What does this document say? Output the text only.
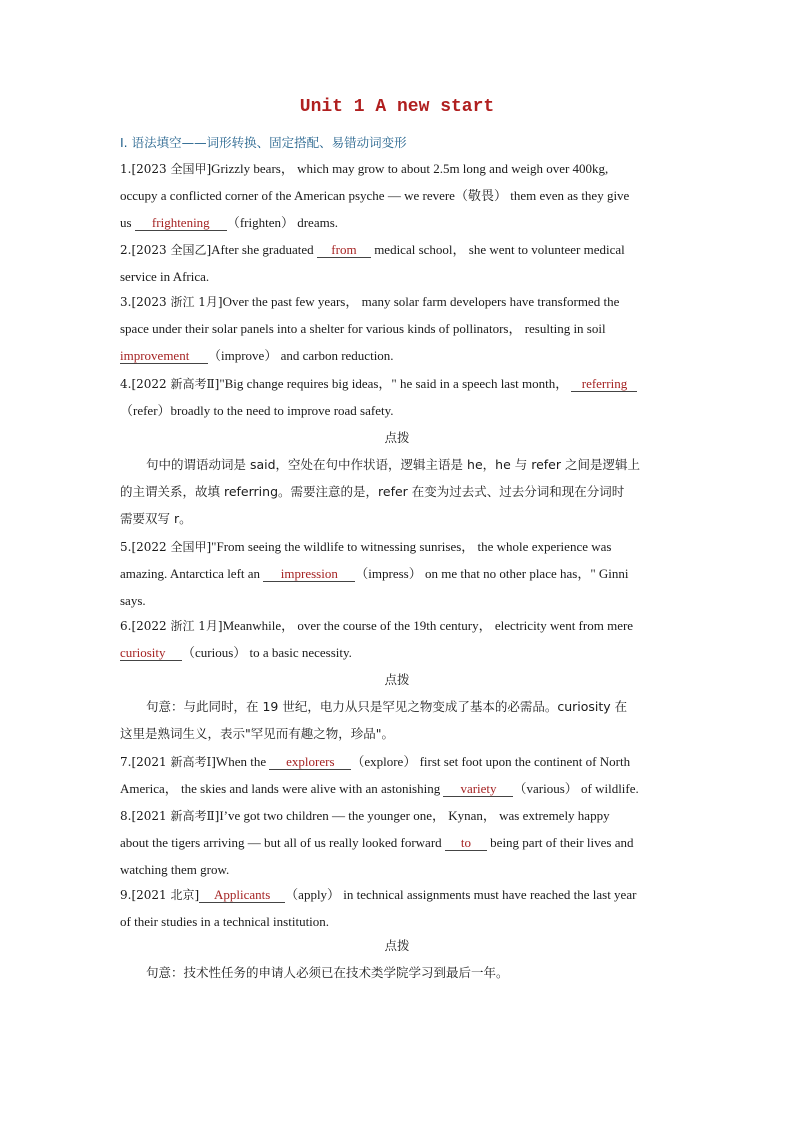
Unit 1 A new start
Ⅰ. 语法填空——词形转换、固定搭配、易错动词变形
1.[2023 全国甲]Grizzly bears， which may grow to about 2.5m long and weigh over 400kg,
occupy a conflicted corner of the American psyche — we revere（敬畏） them even as they give
us frightening （frighten） dreams.
2.[2023 全国乙]After she graduated from medical school， she went to volunteer medical
service in Africa.
3.[2023 浙江 1月]Over the past few years， many solar farm developers have transformed the
space under their solar panels into a shelter for various kinds of pollinators， resulting in soil
improvement （improve） and carbon reduction.
4.[2022 新高考Ⅱ]"Big change requires big ideas，" he said in a speech last month， referring
（refer）broadly to the need to improve road safety.
点拨
句中的谓语动词是 said，空处在句中作状语，逻辑主语是 he，he 与 refer 之间是逻辑上
的主谓关系，故填 referring。需要注意的是，refer 在变为过去式、过去分词和现在分词时
需要双写 r。
5.[2022 全国甲]"From seeing the wildlife to witnessing sunrises， the whole experience was
amazing. Antarctica left an impression （impress） on me that no other place has，" Ginni
says.
6.[2022 浙江 1月]Meanwhile， over the course of the 19th century， electricity went from mere
curiosity （curious） to a basic necessity.
点拨
句意：与此同时，在 19 世纪，电力从只是罕见之物变成了基本的必需品。curiosity 在
这里是熟词生义，表示"罕见而有趣之物，珍品"。
7.[2021 新高考Ⅰ]When the explorers （explore） first set foot upon the continent of North
America， the skies and lands were alive with an astonishing variety （various） of wildlife.
8.[2021 新高考Ⅱ]I’ve got two children — the younger one， Kynan， was extremely happy
about the tigers arriving — but all of us really looked forward to being part of their lives and
watching them grow.
9.[2021 北京] Applicants （apply） in technical assignments must have reached the last year
of their studies in a technical institution.
点拨
句意：技术性任务的申请人必须已在技术类学院学习到最后一年。
